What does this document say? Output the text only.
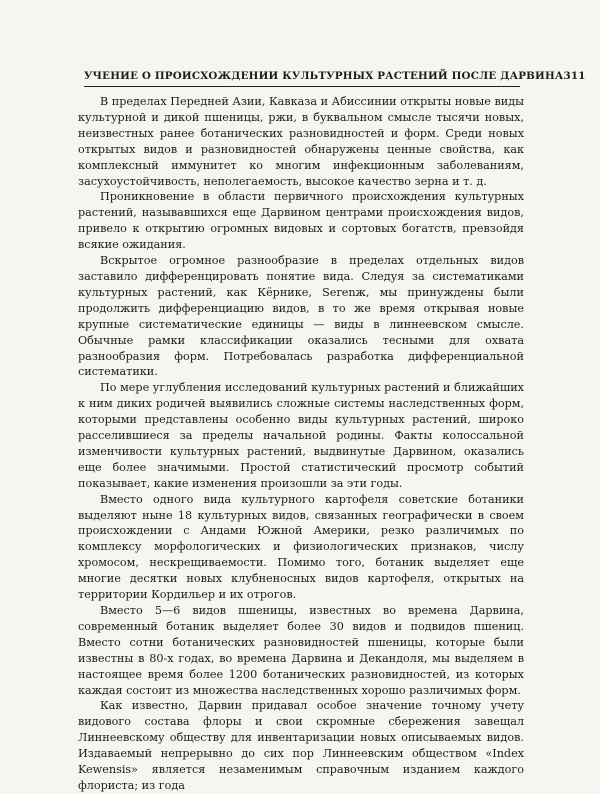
УЧЕНИЕ О ПРОИСХОЖДЕНИИ КУЛЬТУРНЫХ РАСТЕНИЙ ПОСЛЕ ДАРВИНА 311

В пределах Передней Азии, Кавказа и Абиссинии открыты новые виды культурной и дикой пшеницы, ржи, в буквальном смысле тысячи новых, неизвестных ранее ботанических разновидностей и форм. Среди новых открытых видов и разновидностей обнаружены ценные свойства, как комплексный иммунитет ко многим инфекционным заболеваниям, засухоустойчивость, неполегаемость, высокое качество зерна и т. д.

Проникновение в области первичного происхождения культурных растений, называвшихся еще Дарвином центрами происхождения видов, привело к открытию огромных видовых и сортовых богатств, превзойдя всякие ожидания.

Вскрытое огромное разнообразие в пределах отдельных видов заставило дифференцировать понятие вида. Следуя за систематиками культурных растений, как Кёрнике, Serenж, мы принуждены были продолжить дифференциацию видов, в то же время открывая новые крупные систематические единицы — виды в линнеевском смысле. Обычные рамки классификации оказались тесными для охвата разнообразия форм. Потребовалась разработка дифференциальной систематики.

По мере углубления исследований культурных растений и ближайших к ним диких родичей выявились сложные системы наследственных форм, которыми представлены особенно виды культурных растений, широко расселившиеся за пределы начальной родины. Факты колоссальной изменчивости культурных растений, выдвинутые Дарвином, оказались еще более значимыми. Простой статистический просмотр событий показывает, какие изменения произошли за эти годы.

Вместо одного вида культурного картофеля советские ботаники выделяют ныне 18 культурных видов, связанных географически в своем происхождении с Андами Южной Америки, резко различимых по комплексу морфологических и физиологических признаков, числу хромосом, нескрещиваемости. Помимо того, ботаник выделяет еще многие десятки новых клубненосных видов картофеля, открытых на территории Кордильер и их отрогов.

Вместо 5—6 видов пшеницы, известных во времена Дарвина, современный ботаник выделяет более 30 видов и подвидов пшениц. Вместо сотни ботанических разновидностей пшеницы, которые были известны в 80-х годах, во времена Дарвина и Декандоля, мы выделяем в настоящее время более 1200 ботанических разновидностей, из которых каждая состоит из множества наследственных хорошо различимых форм.

Как известно, Дарвин придавал особое значение точному учету видового состава флоры и свои скромные сбережения завещал Линнеевскому обществу для инвентаризации новых описываемых видов. Издаваемый непрерывно до сих пор Линнеевским обществом «Index Kewensis» является незаменимым справочным изданием каждого флориста; из года
